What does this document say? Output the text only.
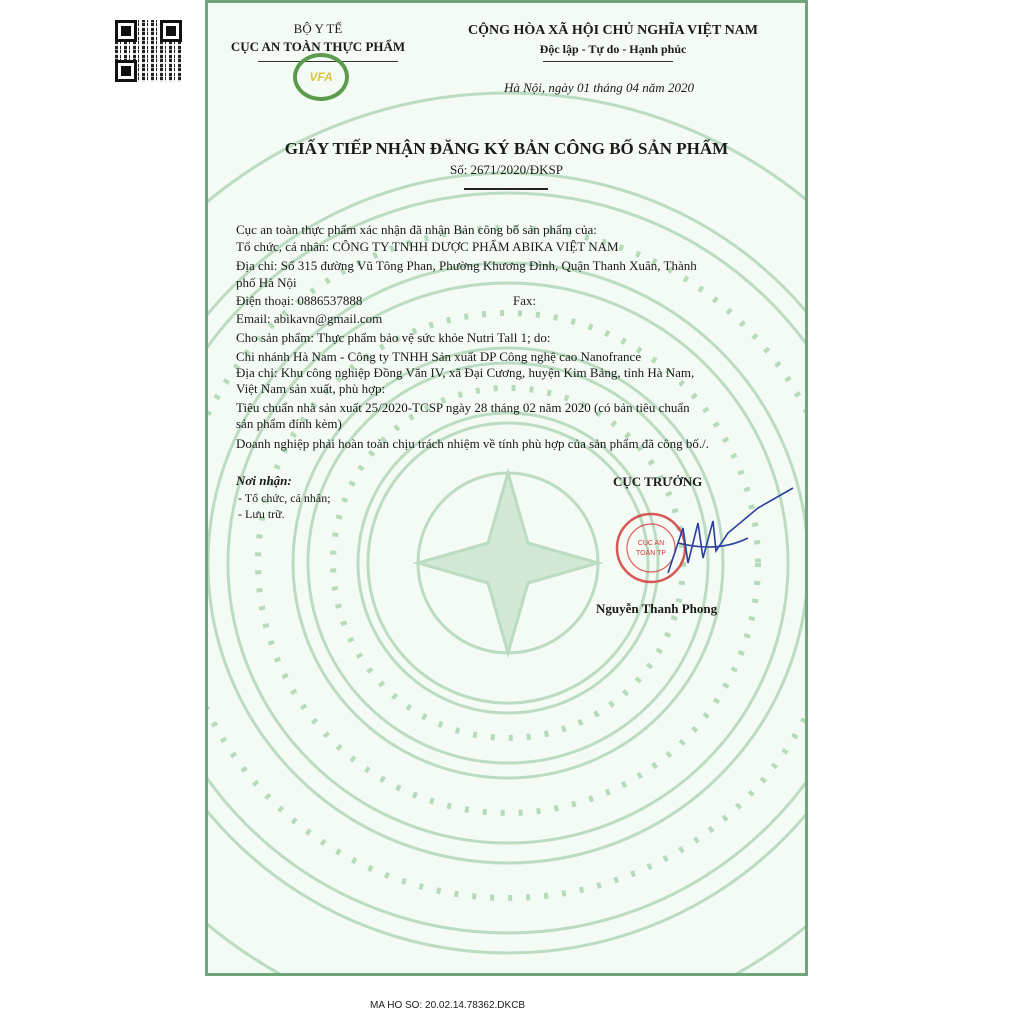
BỘ Y TẾ
CỤC AN TOÀN THỰC PHẨM
VFA
CỘNG HÒA XÃ HỘI CHỦ NGHĨA VIỆT NAM
Độc lập - Tự do - Hạnh phúc
Hà Nội, ngày 01 tháng 04 năm 2020
GIẤY TIẾP NHẬN ĐĂNG KÝ BẢN CÔNG BỐ SẢN PHẨM
Số: 2671/2020/ĐKSP
Cục an toàn thực phẩm xác nhận đã nhận Bản công bố sản phẩm của:
Tổ chức, cá nhân: CÔNG TY TNHH DƯỢC PHẨM ABIKA VIỆT NAM
Địa chỉ: Số 315 đường Vũ Tông Phan, Phường Khương Đình, Quận Thanh Xuân, Thành
phố Hà Nội
Điện thoại: 0886537888	Fax:
Email: abikavn@gmail.com
Cho sản phẩm: Thực phẩm bảo vệ sức khỏe Nutri Tall 1; do:
Chi nhánh Hà Nam - Công ty TNHH Sản xuất DP Công nghệ cao Nanofrance
Địa chỉ: Khu công nghiệp Đồng Văn IV, xã Đại Cương, huyện Kim Bảng, tỉnh Hà Nam,
Việt Nam sản xuất, phù hợp:
Tiêu chuẩn nhà sản xuất 25/2020-TCSP ngày 28 tháng 02 năm 2020 (có bản tiêu chuẩn
sản phẩm đính kèm)
Doanh nghiệp phải hoàn toàn chịu trách nhiệm về tính phù hợp của sản phẩm đã công bố./.
Nơi nhận:
- Tổ chức, cá nhân;
- Lưu trữ.
CỤC TRƯỞNG
CỤC AN
TOÀN TP
Nguyễn Thanh Phong
MA HO SO: 20.02.14.78362.DKCB
